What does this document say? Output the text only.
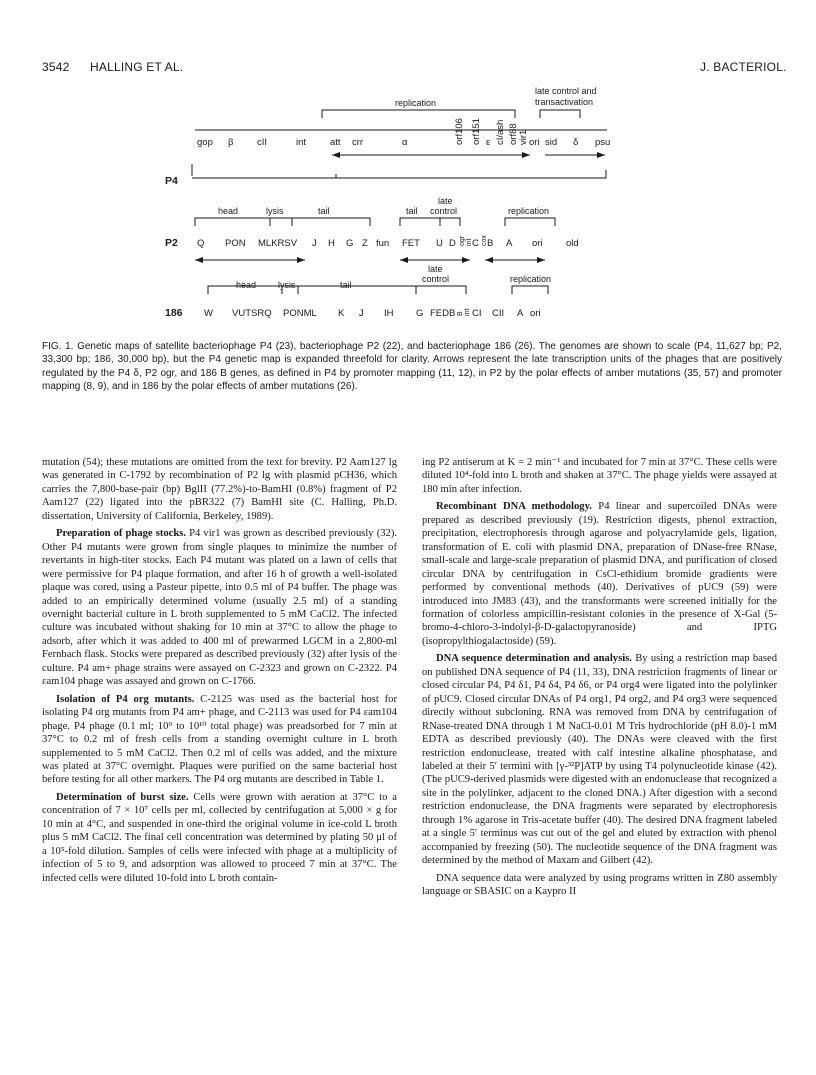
3542 HALLING ET AL.	J. BACTERIOL.
replication
late control and
transactivation
gop β cII	int	att crr	α	orf106 orf151 ε cI/ash orf88 vir1 ori sid δ psu
P4
head	lysis	tail	tail
late
control	replication
P2 Q PON MLKRSV J H G Z fun FET U D ogr int C cox B A ori old
head lysis	tail
late
control	replication
186 W VUTSRQ PONML K J IH G FEDB B int CI CII A ori

FIG. 1. Genetic maps of satellite bacteriophage P4 (23), bacteriophage P2 (22), and bacteriophage 186 (26). The genomes are shown to scale (P4, 11,627 bp; P2, 33,300 bp; 186, 30,000 bp), but the P4 genetic map is expanded threefold for clarity. Arrows represent the late transcription units of the phages that are positively regulated by the P4 δ, P2 ogr, and 186 B genes, as defined in P4 by promoter mapping (11, 12), in P2 by the polar effects of amber mutations (35, 57) and promoter mapping (8, 9), and in 186 by the polar effects of amber mutations (26).

mutation (54); these mutations are omitted from the text for brevity. P2 Aam127 lg was generated in C-1792 by recombination of P2 lg with plasmid pCH36, which carries the 7,800-base-pair (bp) BglII (77.2%)-to-BamHI (0.8%) fragment of P2 Aam127 (22) ligated into the pBR322 (7) BamHI site (C. Halling, Ph.D. dissertation, University of California, Berkeley, 1989).

Preparation of phage stocks. P4 vir1 was grown as described previously (32). Other P4 mutants were grown from single plaques to minimize the number of revertants in high-titer stocks. Each P4 mutant was plated on a lawn of cells that were permissive for P4 plaque formation, and after 16 h of growth a well-isolated plaque was cored, using a Pasteur pipette, into 0.5 ml of P4 buffer. The phage was added to an empirically determined volume (usually 2.5 ml) of a standing overnight bacterial culture in L broth supplemented to 5 mM CaCl2. The infected culture was incubated without shaking for 10 min at 37°C to allow the phage to adsorb, after which it was added to 400 ml of prewarmed LGCM in a 2,800-ml Fernbach flask. Stocks were prepared as described previously (32) after lysis of the culture. P4 am+ phage strains were assayed on C-2323 and grown on C-2322. P4 εam104 phage was assayed and grown on C-1766.

Isolation of P4 org mutants. C-2125 was used as the bacterial host for isolating P4 org mutants from P4 am+ phage, and C-2113 was used for P4 εam104 phage. P4 phage (0.1 ml; 10⁹ to 10¹⁰ total phage) was preadsorbed for 7 min at 37°C to 0.2 ml of fresh cells from a standing overnight culture in L broth supplemented to 5 mM CaCl2. Then 0.2 ml of cells was added, and the mixture was plated at 37°C overnight. Plaques were purified on the same bacterial host before testing for all other markers. The P4 org mutants are described in Table 1.

Determination of burst size. Cells were grown with aeration at 37°C to a concentration of 7 × 10⁷ cells per ml, collected by centrifugation at 5,000 × g for 10 min at 4°C, and suspended in one-third the original volume in ice-cold L broth plus 5 mM CaCl2. The final cell concentration was determined by plating 50 μl of a 10⁵-fold dilution. Samples of cells were infected with phage at a multiplicity of infection of 5 to 9, and adsorption was allowed to proceed 7 min at 37°C. The infected cells were diluted 10-fold into L broth contain-

ing P2 antiserum at K = 2 min⁻¹ and incubated for 7 min at 37°C. These cells were diluted 10⁴-fold into L broth and shaken at 37°C. The phage yields were assayed at 180 min after infection.

Recombinant DNA methodology. P4 linear and supercoiled DNAs were prepared as described previously (19). Restriction digests, phenol extraction, precipitation, electrophoresis through agarose and polyacrylamide gels, ligation, transformation of E. coli with plasmid DNA, preparation of DNase-free RNase, small-scale and large-scale preparation of plasmid DNA, and purification of closed circular DNA by centrifugation in CsCl-ethidium bromide gradients were performed by conventional methods (40). Derivatives of pUC9 (59) were introduced into JM83 (43), and the transformants were screened initially for the formation of colorless ampicillin-resistant colonies in the presence of X-Gal (5-bromo-4-chloro-3-indolyl-β-D-galactopyranoside) and IPTG (isopropylthiogalactoside) (59).

DNA sequence determination and analysis. By using a restriction map based on published DNA sequence of P4 (11, 33), DNA restriction fragments of linear or closed circular P4, P4 δ1, P4 δ4, P4 δ6, or P4 org4 were ligated into the polylinker of pUC9. Closed circular DNAs of P4 org1, P4 org2, and P4 org3 were sequenced directly without subcloning. RNA was removed from DNA by centrifugation of RNase-treated DNA through 1 M NaCl-0.01 M Tris hydrochloride (pH 8.0)-1 mM EDTA as described previously (40). The DNAs were cleaved with the first restriction endonuclease, treated with calf intestine alkaline phosphatase, and labeled at their 5′ termini with [γ-³²P]ATP by using T4 polynucleotide kinase (42). (The pUC9-derived plasmids were digested with an endonuclease that recognized a site in the polylinker, adjacent to the cloned DNA.) After digestion with a second restriction endonuclease, the DNA fragments were separated by electrophoresis through 1% agarose in Tris-acetate buffer (40). The desired DNA fragment labeled at a single 5′ terminus was cut out of the gel and eluted by extraction with phenol accompanied by freezing (50). The nucleotide sequence of the DNA fragment was determined by the method of Maxam and Gilbert (42).

DNA sequence data were analyzed by using programs written in Z80 assembly language or SBASIC on a Kaypro II
